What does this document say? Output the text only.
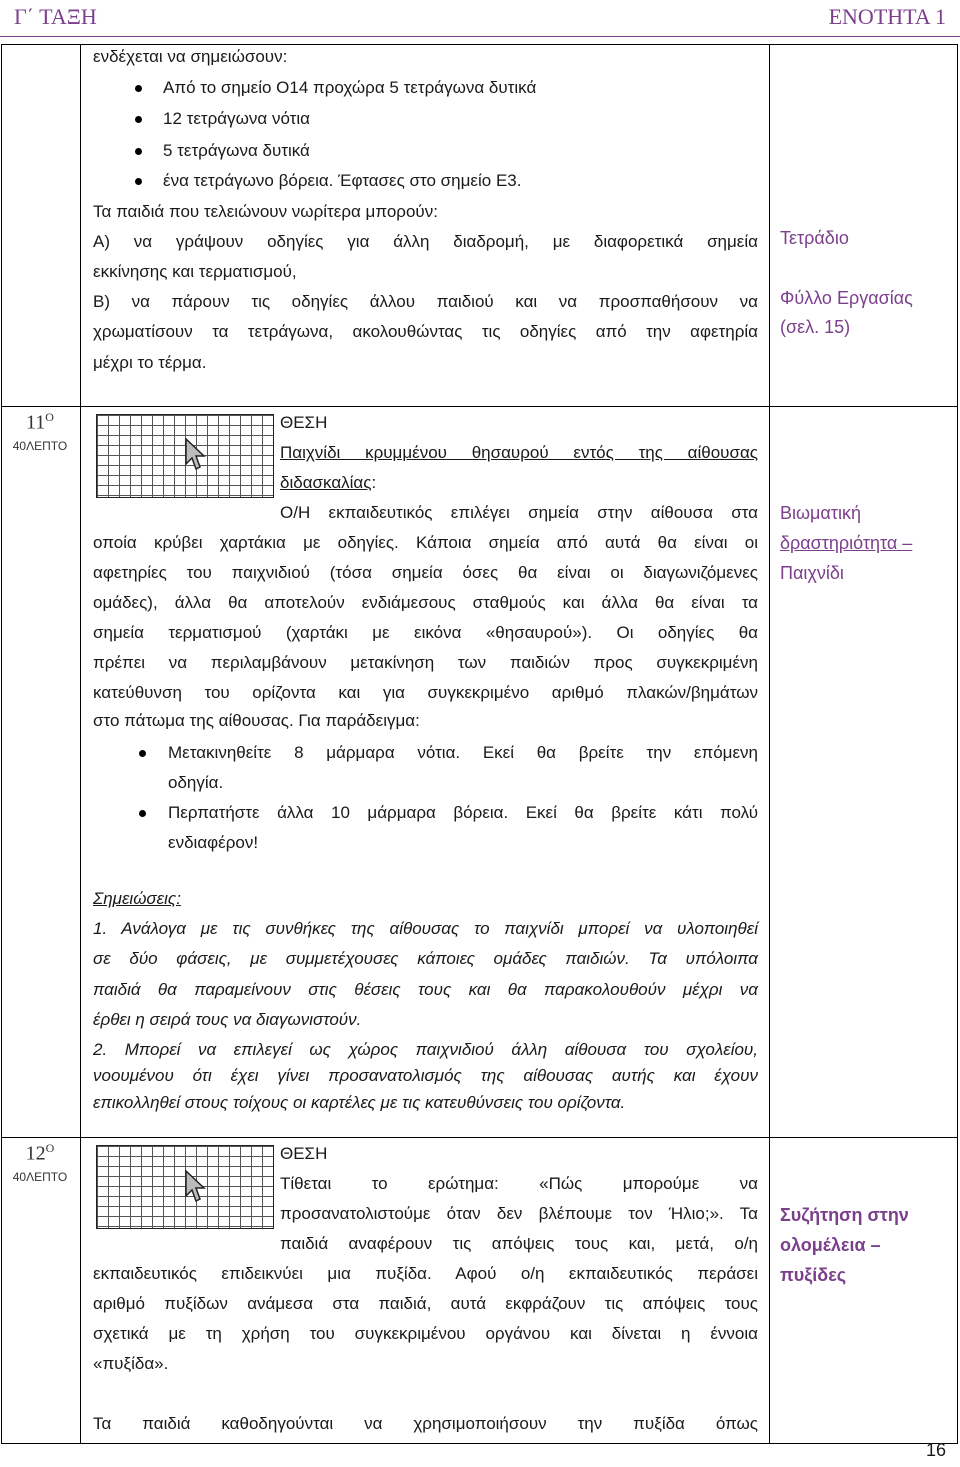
Γ΄ ΤΑΞΗ	ΕΝΟΤΗΤΑ 1
ενδέχεται να σημειώσουν:
Από το σημείο Ο14 προχώρα 5 τετράγωνα δυτικά
12 τετράγωνα νότια
5 τετράγωνα δυτικά
ένα τετράγωνο βόρεια. Έφτασες στο σημείο Ε3.
Τα παιδιά που τελειώνουν νωρίτερα μπορούν:
Α) να γράψουν οδηγίες για άλλη διαδρομή, με διαφορετικά σημεία
εκκίνησης και τερματισμού,
Β) να πάρουν τις οδηγίες άλλου παιδιού και να προσπαθήσουν να
χρωματίσουν τα τετράγωνα, ακολουθώντας τις οδηγίες από την αφετηρία
μέχρι το τέρμα.
Τετράδιο
Φύλλο Εργασίας
(σελ. 15)
$11^O$
40ΛΕΠΤΟ
ΘΕΣΗ
Παιχνίδι κρυμμένου θησαυρού εντός της αίθουσας
διδασκαλίας:
Ο/Η εκπαιδευτικός επιλέγει σημεία στην αίθουσα στα
οποία κρύβει χαρτάκια με οδηγίες. Κάποια σημεία από αυτά θα είναι οι
αφετηρίες του παιχνιδιού (τόσα σημεία όσες θα είναι οι διαγωνιζόμενες
ομάδες), άλλα θα αποτελούν ενδιάμεσους σταθμούς και άλλα θα είναι τα
σημεία τερματισμού (χαρτάκι με εικόνα «θησαυρού»). Οι οδηγίες θα
πρέπει να περιλαμβάνουν μετακίνηση των παιδιών προς συγκεκριμένη
κατεύθυνση του ορίζοντα και για συγκεκριμένο αριθμό πλακών/βημάτων
στο πάτωμα της αίθουσας. Για παράδειγμα:
Μετακινηθείτε 8 μάρμαρα νότια. Εκεί θα βρείτε την επόμενη
οδηγία.
Περπατήστε άλλα 10 μάρμαρα βόρεια. Εκεί θα βρείτε κάτι πολύ
ενδιαφέρον!
Σημειώσεις:
1. Ανάλογα με τις συνθήκες της αίθουσας το παιχνίδι μπορεί να υλοποιηθεί
σε δύο φάσεις, με συμμετέχουσες κάποιες ομάδες παιδιών. Τα υπόλοιπα
παιδιά θα παραμείνουν στις θέσεις τους και θα παρακολουθούν μέχρι να
έρθει η σειρά τους να διαγωνιστούν.
2. Μπορεί να επιλεγεί ως χώρος παιχνιδιού άλλη αίθουσα του σχολείου,
νοουμένου ότι έχει γίνει προσανατολισμός της αίθουσας αυτής και έχουν
επικολληθεί στους τοίχους οι καρτέλες με τις κατευθύνσεις του ορίζοντα.
Βιωματική
δραστηριότητα –
Παιχνίδι
$12^O$
40ΛΕΠΤΟ
ΘΕΣΗ
Τίθεται το ερώτημα: «Πώς μπορούμε να
προσανατολιστούμε όταν δεν βλέπουμε τον Ήλιο;». Τα
παιδιά αναφέρουν τις απόψεις τους και, μετά, ο/η
εκπαιδευτικός επιδεικνύει μια πυξίδα. Αφού ο/η εκπαιδευτικός περάσει
αριθμό πυξίδων ανάμεσα στα παιδιά, αυτά εκφράζουν τις απόψεις τους
σχετικά με τη χρήση του συγκεκριμένου οργάνου και δίνεται η έννοια
«πυξίδα».
Τα παιδιά καθοδηγούνται να χρησιμοποιήσουν την πυξίδα όπως
Συζήτηση στην
ολομέλεια –
πυξίδες
16
